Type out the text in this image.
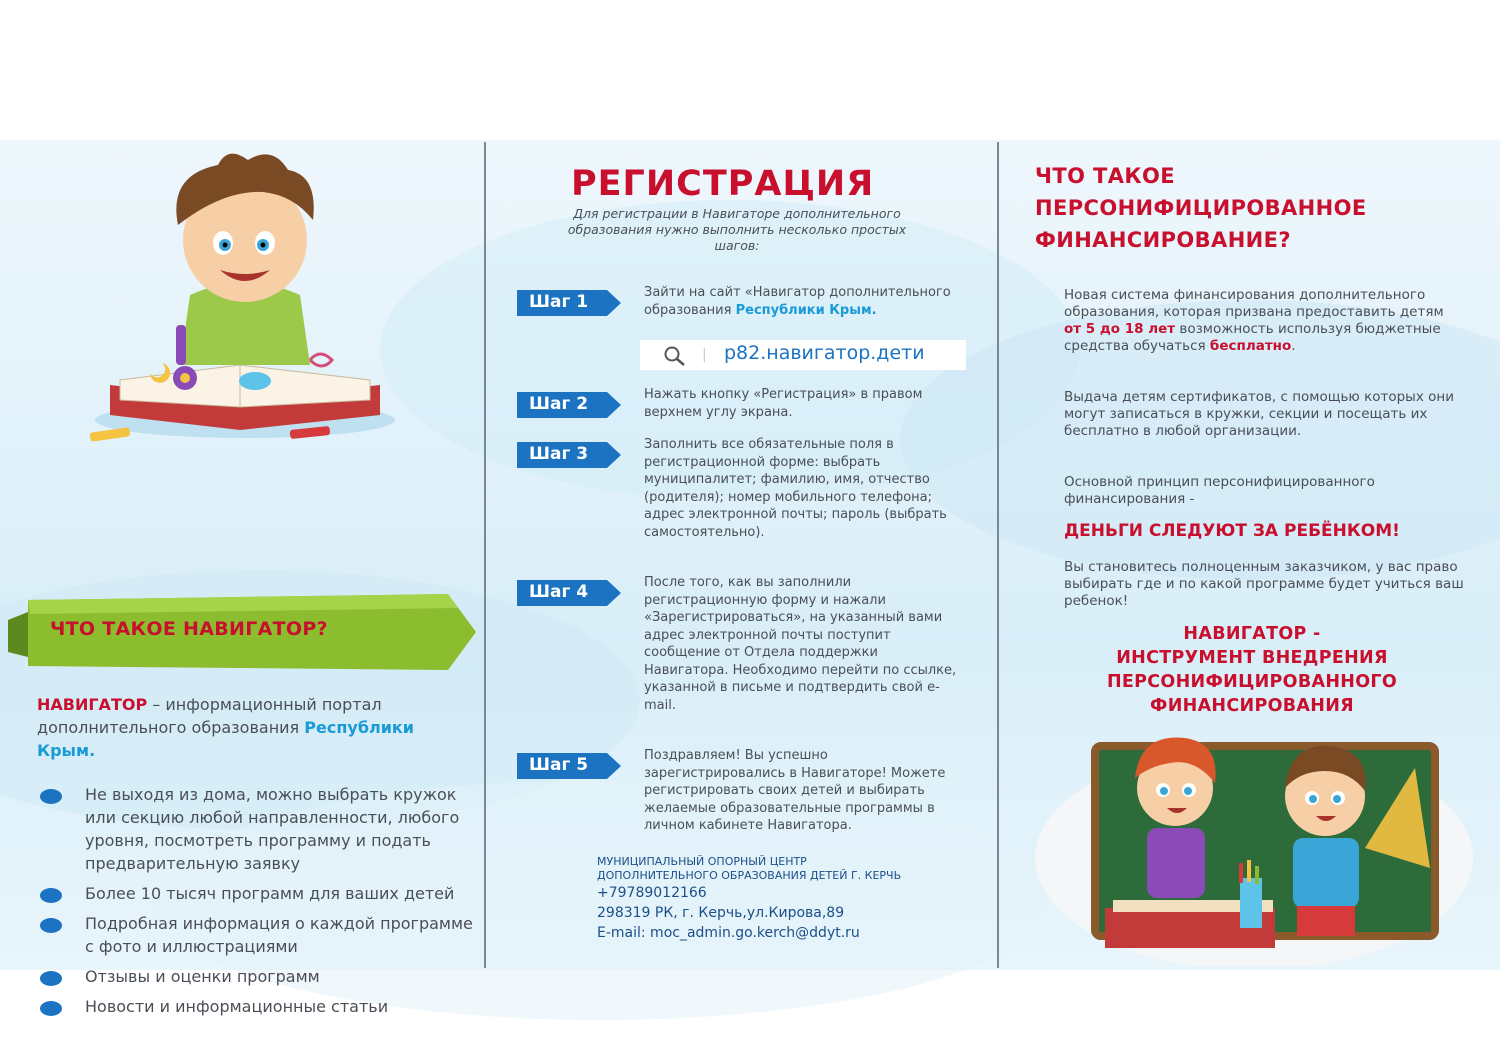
ЧТО ТАКОЕ НАВИГАТОР?

НАВИГАТОР – информационный портал дополнительного образования Республики Крым.

Не выходя из дома, можно выбрать кружок или секцию любой направленности, любого уровня, посмотреть программу и подать предварительную заявку
Более 10 тысяч программ для ваших детей
Подробная информация о каждой программе с фото и иллюстрациями
Отзывы и оценки программ
Новости и информационные статьи
РЕГИСТРАЦИЯ

Для регистрации в Навигаторе дополнительного образования нужно выполнить несколько простых шагов:

Шаг 1	Зайти на сайт «Навигатор дополнительного образования Республики Крым.

| р82.навигатор.дети
Шаг 2	Нажать кнопку «Регистрация» в правом верхнем углу экрана.

Шаг 3	Заполнить все обязательные поля в регистрационной форме: выбрать муниципалитет; фамилию, имя, отчество (родителя); номер мобильного телефона; адрес электронной почты; пароль (выбрать самостоятельно).

Шаг 4	После того, как вы заполнили регистрационную форму и нажали «Зарегистрироваться», на указанный вами адрес электронной почты поступит сообщение от Отдела поддержки Навигатора. Необходимо перейти по ссылке, указанной в письме и подтвердить свой e-mail.

Шаг 5	Поздравляем! Вы успешно зарегистрировались в Навигаторе! Можете регистрировать своих детей и выбирать желаемые образовательные программы в личном кабинете Навигатора.

МУНИЦИПАЛЬНЫЙ ОПОРНЫЙ ЦЕНТР ДОПОЛНИТЕЛЬНОГО ОБРАЗОВАНИЯ ДЕТЕЙ Г. КЕРЧЬ
+79789012166
298319 РК, г. Керчь,ул.Кирова,89
E-mail: moc_admin.go.kerch@ddyt.ru
ЧТО ТАКОЕ
ПЕРСОНИФИЦИРОВАННОЕ
ФИНАНСИРОВАНИЕ?

Новая система финансирования дополнительного образования, которая призвана предоставить детям от 5 до 18 лет возможность используя бюджетные средства обучаться бесплатно.

Выдача детям сертификатов, с помощью которых они могут записаться в кружки, секции и посещать их бесплатно в любой организации.

Основной принцип персонифицированного финансирования -

ДЕНЬГИ СЛЕДУЮТ ЗА РЕБЁНКОМ!

Вы становитесь полноценным заказчиком, у вас право выбирать где и по какой программе будет учиться ваш ребенок!

НАВИГАТОР -
ИНСТРУМЕНТ ВНЕДРЕНИЯ
ПЕРСОНИФИЦИРОВАННОГО
ФИНАНСИРОВАНИЯ
